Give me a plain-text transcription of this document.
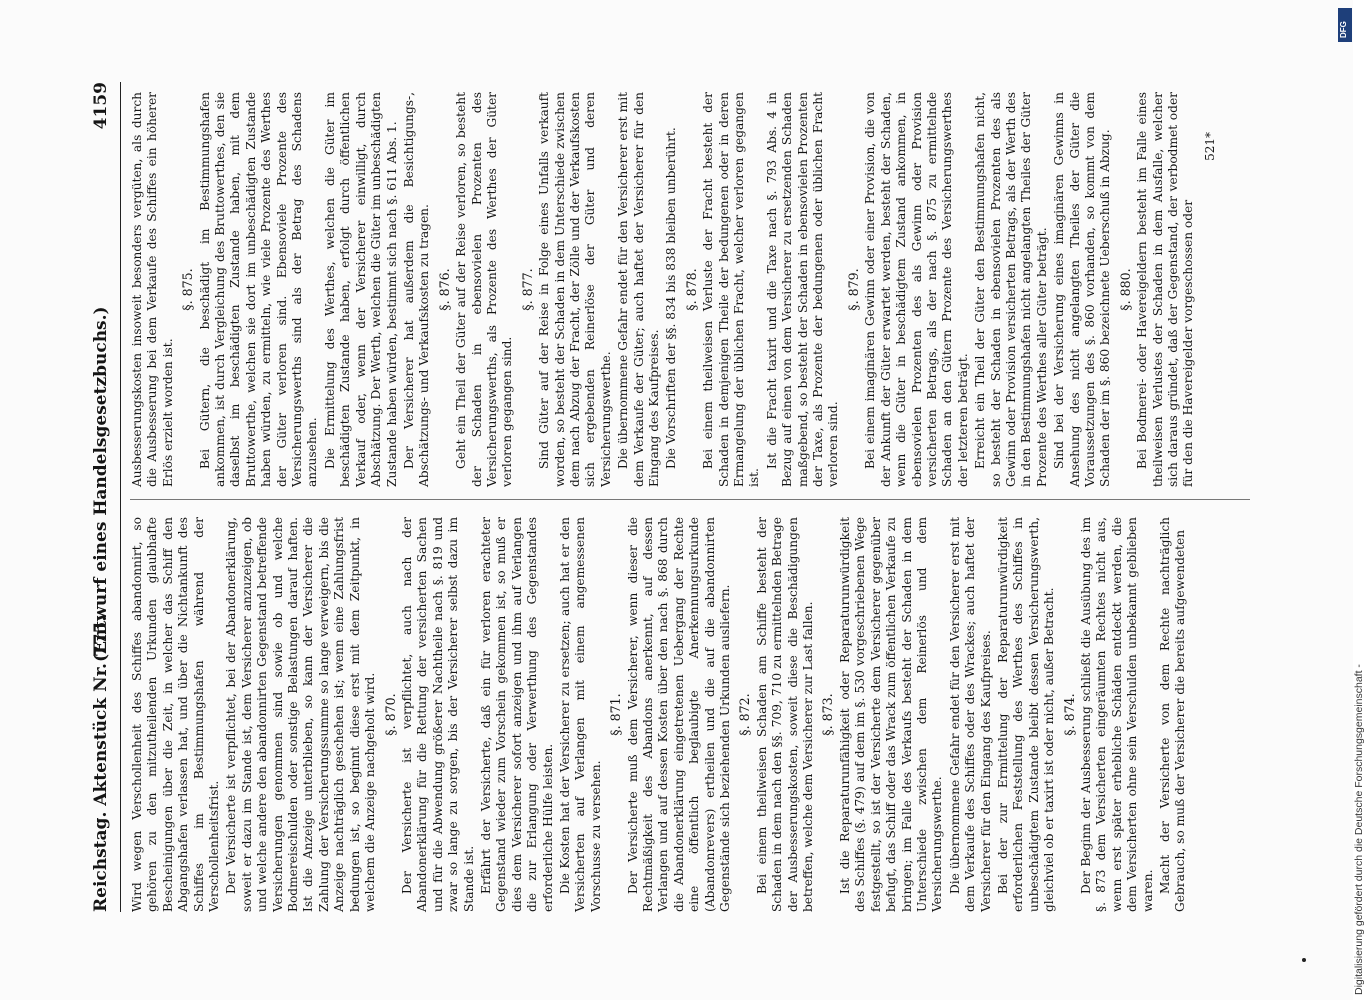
Reichstag. Aktenstück Nr. 775.
(Entwurf eines Handelsgesetzbuchs.)
4159

Wird wegen Verschollenheit des Schiffes abandonnirt, so gehören zu den mitzutheilenden Urkunden glaubhafte Bescheinigungen über die Zeit, in welcher das Schiff den Abgangshafen verlassen hat, und über die Nichtankunft des Schiffes im Bestimmungshafen während der Verschollenheitsfrist. Der Versicherte ist verpflichtet, bei der Abandonerklärung, soweit er dazu im Stande ist, dem Versicherer anzuzeigen, ob und welche andere den abandonnirten Gegenstand betreffende Versicherungen genommen sind sowie ob und welche Bodmereischulden oder sonstige Belastungen darauf haften. Ist die Anzeige unterblieben, so kann der Versicherer die Zahlung der Versicherungssumme so lange verweigern, bis die Anzeige nachträglich geschehen ist; wenn eine Zahlungsfrist bedungen ist, so beginnt diese erst mit dem Zeitpunkt, in welchem die Anzeige nachgeholt wird. §. 870. Der Versicherte ist verpflichtet, auch nach der Abandonerklärung für die Rettung der versicherten Sachen und für die Abwendung größerer Nachtheile nach §. 819 und zwar so lange zu sorgen, bis der Versicherer selbst dazu im Stande ist. Erfährt der Versicherte, daß ein für verloren erachteter Gegenstand wieder zum Vorschein gekommen ist, so muß er dies dem Versicherer sofort anzeigen und ihm auf Verlangen die zur Erlangung oder Verwerthung des Gegenstandes erforderliche Hülfe leisten. Die Kosten hat der Versicherer zu ersetzen; auch hat er den Versicherten auf Verlangen mit einem angemessenen Vorschusse zu versehen.

§. 871. Der Versicherte muß dem Versicherer, wenn dieser die Rechtmäßigkeit des Abandons anerkennt, auf dessen Verlangen und auf dessen Kosten über den nach §. 868 durch die Abandonerklärung eingetretenen Uebergang der Rechte eine öffentlich beglaubigte Anerkennungsurkunde (Abandonrevers) ertheilen und die auf die abandonnirten Gegenstände sich beziehenden Urkunden ausliefern. §. 872. Bei einem theilweisen Schaden am Schiffe besteht der Schaden in dem nach den §§. 709, 710 zu ermittelnden Betrage der Ausbesserungskosten, soweit diese die Beschädigungen betreffen, welche dem Versicherer zur Last fallen. §. 873. Ist die Reparaturunfähigkeit oder Reparaturunwürdigkeit des Schiffes (§. 479) auf dem im §. 530 vorgeschriebenen Wege festgestellt, so ist der Versicherte dem Versicherer gegenüber befugt, das Schiff oder das Wrack zum öffentlichen Verkaufe zu bringen; im Falle des Verkaufs besteht der Schaden in dem Unterschiede zwischen dem Reinerlös und dem Versicherungswerthe. Die übernommene Gefahr endet für den Versicherer erst mit dem Verkaufe des Schiffes oder des Wrackes; auch haftet der Versicherer für den Eingang des Kaufpreises. Bei der zur Ermittelung der Reparaturunwürdigkeit erforderlichen Feststellung des Werthes des Schiffes in unbeschädigtem Zustande bleibt dessen Versicherungswerth, gleichviel ob er taxirt ist oder nicht, außer Betracht. §. 874. Der Beginn der Ausbesserung schließt die Ausübung des im §. 873 dem Versicherten eingeräumten Rechtes nicht aus, wenn erst später erhebliche Schäden entdeckt werden, die dem Versicherten ohne sein Verschulden unbekannt geblieben waren. Macht der Versicherte von dem Rechte nachträglich Gebrauch, so muß der Versicherer die bereits aufgewendeten

Ausbesserungskosten insoweit besonders vergüten, als durch die Ausbesserung bei dem Verkaufe des Schiffes ein höherer Erlös erzielt worden ist.

§. 875. Bei Gütern, die beschädigt im Bestimmungshafen ankommen, ist durch Vergleichung des Bruttowerthes, den sie daselbst im beschädigten Zustande haben, mit dem Bruttowerthe, welchen sie dort im unbeschädigten Zustande haben würden, zu ermitteln, wie viele Prozente des Werthes der Güter verloren sind. Ebensoviele Prozente des Versicherungswerths sind als der Betrag des Schadens anzusehen. Die Ermittelung des Werthes, welchen die Güter im beschädigten Zustande haben, erfolgt durch öffentlichen Verkauf oder, wenn der Versicherer einwilligt, durch Abschätzung. Der Werth, welchen die Güter im unbeschädigten Zustande haben würden, bestimmt sich nach §. 611 Abs. 1. Der Versicherer hat außerdem die Besichtigungs-, Abschätzungs- und Verkaufskosten zu tragen. §. 876. Geht ein Theil der Güter auf der Reise verloren, so besteht der Schaden in ebensovielen Prozenten des Versicherungswerths, als Prozente des Werthes der Güter verloren gegangen sind.

§. 877. Sind Güter auf der Reise in Folge eines Unfalls verkauft worden, so besteht der Schaden in dem Unterschiede zwischen dem nach Abzug der Fracht, der Zölle und der Verkaufskosten sich ergebenden Reinerlöse der Güter und deren Versicherungswerthe. Die übernommene Gefahr endet für den Versicherer erst mit dem Verkaufe der Güter; auch haftet der Versicherer für den Eingang des Kaufpreises. Die Vorschriften der §§. 834 bis 838 bleiben unberührt. §. 878. Bei einem theilweisen Verluste der Fracht besteht der Schaden in demjenigen Theile der bedungenen oder in deren Ermangelung der üblichen Fracht, welcher verloren gegangen ist.

Ist die Fracht taxirt und die Taxe nach §. 793 Abs. 4 in Bezug auf einen von dem Versicherer zu ersetzenden Schaden maßgebend, so besteht der Schaden in ebensovielen Prozenten der Taxe, als Prozente der bedungenen oder üblichen Fracht verloren sind.

§. 879. Bei einem imaginären Gewinn oder einer Provision, die von der Ankunft der Güter erwartet werden, besteht der Schaden, wenn die Güter in beschädigtem Zustand ankommen, in ebensovielen Prozenten des als Gewinn oder Provision versicherten Betrags, als der nach §. 875 zu ermittelnde Schaden an den Gütern Prozente des Versicherungswerthes der letzteren beträgt. Erreicht ein Theil der Güter den Bestimmungshafen nicht, so besteht der Schaden in ebensovielen Prozenten des als Gewinn oder Provision versicherten Betrags, als der Werth des in den Bestimmungshafen nicht angelangten Theiles der Güter Prozente des Werthes aller Güter beträgt. Sind bei der Versicherung eines imaginären Gewinns in Ansehung des nicht angelangten Theiles der Güter die Voraussetzungen des §. 860 vorhanden, so kommt von dem Schaden der im §. 860 bezeichnete Ueberschuß in Abzug. §. 880. Bei Bodmerei- oder Havereigeldern besteht im Falle eines theilweisen Verlustes der Schaden in dem Ausfalle, welcher sich daraus gründet, daß der Gegenstand, der verbodmet oder für den die Havereigelder vorgeschossen oder

521*

DFG
Digitalisierung gefördert durch die Deutsche Forschungsgemeinschaft -
